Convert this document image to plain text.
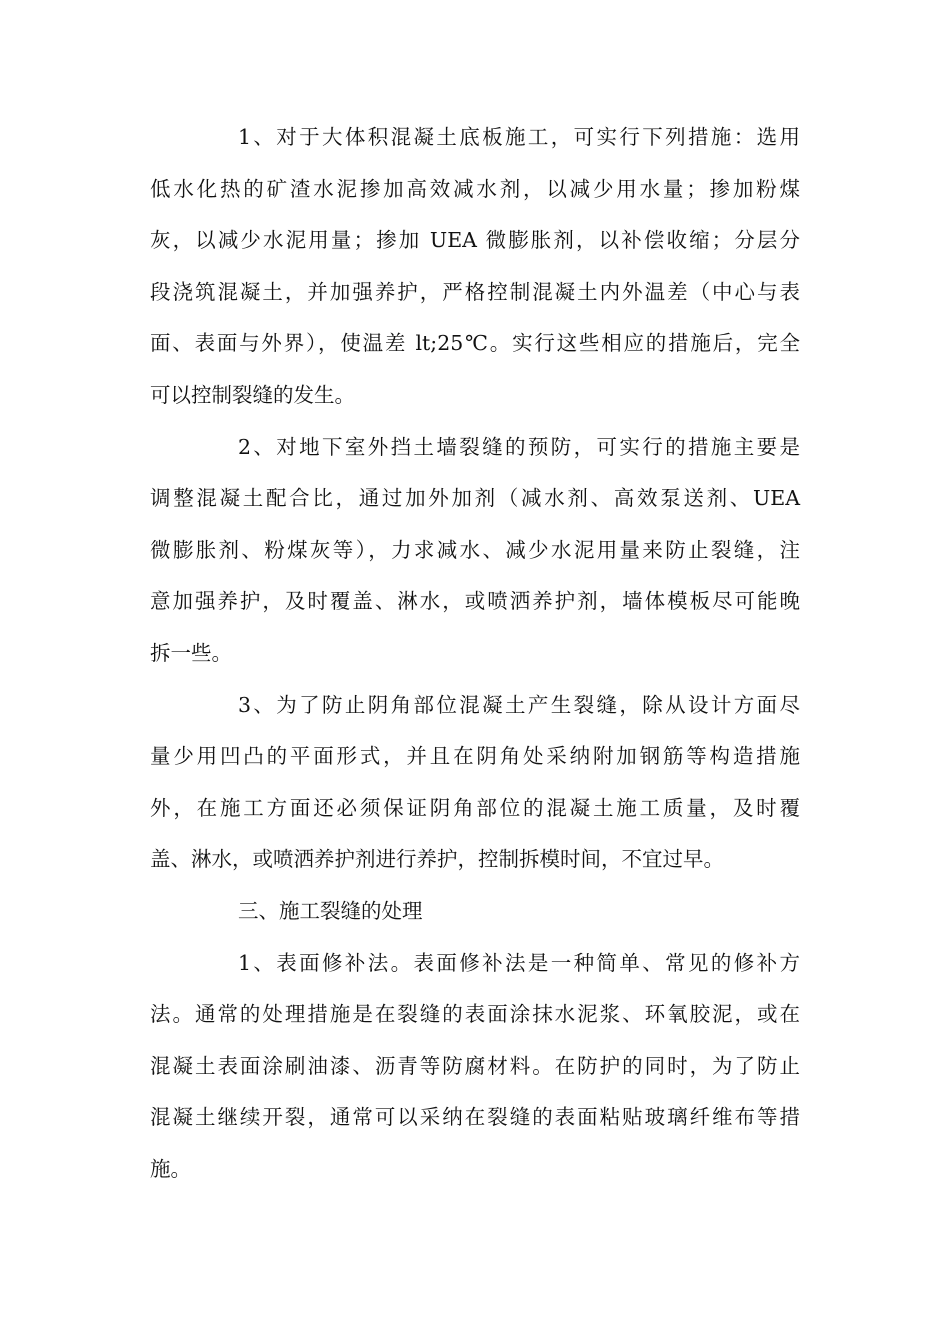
1、对于大体积混凝土底板施工，可实行下列措施：选用
低水化热的矿渣水泥掺加高效减水剂，以减少用水量；掺加粉煤
灰，以减少水泥用量；掺加 UEA 微膨胀剂，以补偿收缩；分层分
段浇筑混凝土，并加强养护，严格控制混凝土内外温差（中心与表
面、表面与外界），使温差 lt;25℃。实行这些相应的措施后，完全
可以控制裂缝的发生。
2、对地下室外挡土墙裂缝的预防，可实行的措施主要是
调整混凝土配合比，通过加外加剂（减水剂、高效泵送剂、UEA
微膨胀剂、粉煤灰等），力求减水、减少水泥用量来防止裂缝，注
意加强养护，及时覆盖、淋水，或喷洒养护剂，墙体模板尽可能晚
拆一些。
3、为了防止阴角部位混凝土产生裂缝，除从设计方面尽
量少用凹凸的平面形式，并且在阴角处采纳附加钢筋等构造措施
外，在施工方面还必须保证阴角部位的混凝土施工质量，及时覆
盖、淋水，或喷洒养护剂进行养护，控制拆模时间，不宜过早。
三、施工裂缝的处理
1、表面修补法。表面修补法是一种简单、常见的修补方
法。通常的处理措施是在裂缝的表面涂抹水泥浆、环氧胶泥，或在
混凝土表面涂刷油漆、沥青等防腐材料。在防护的同时，为了防止
混凝土继续开裂，通常可以采纳在裂缝的表面粘贴玻璃纤维布等措
施。
